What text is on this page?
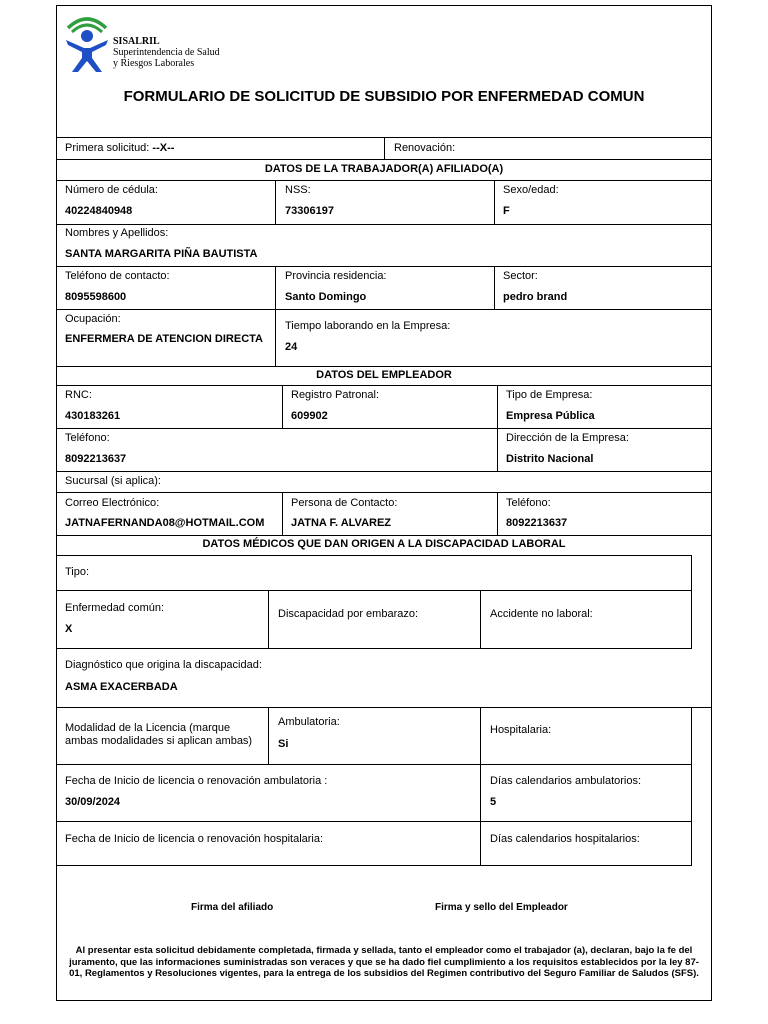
SISALRIL
Superintendencia de Salud
y Riesgos Laborales
FORMULARIO DE SOLICITUD DE SUBSIDIO POR ENFERMEDAD COMUN
Primera solicitud: --X--	Renovación:
DATOS DE LA TRABAJADOR(A) AFILIADO(A)
Número de cédula:
40224840948
NSS:
73306197
Sexo/edad:
F
Nombres y Apellidos:
SANTA MARGARITA PIÑA BAUTISTA
Teléfono de contacto:
8095598600
Provincia residencia:
Santo Domingo
Sector:
pedro brand
Ocupación:
ENFERMERA DE ATENCION DIRECTA
Tiempo laborando en la Empresa:
24
DATOS DEL EMPLEADOR
RNC:
430183261
Registro Patronal:
609902
Tipo de Empresa:
Empresa Pública
Teléfono:
8092213637
Dirección de la Empresa:
Distrito Nacional
Sucursal (si aplica):
Correo Electrónico:
JATNAFERNANDA08@HOTMAIL.COM
Persona de Contacto:
JATNA F. ALVAREZ
Teléfono:
8092213637
DATOS MÉDICOS QUE DAN ORIGEN A LA DISCAPACIDAD LABORAL
Tipo:
Enfermedad común:
X
Discapacidad por embarazo:	Accidente no laboral:
Diagnóstico que origina la discapacidad:
ASMA EXACERBADA
Modalidad de la Licencia (marque ambas modalidades si aplican ambas)
Ambulatoria:
Si
Hospitalaria:
Fecha de Inicio de licencia o renovación ambulatoria :
30/09/2024
Días calendarios ambulatorios:
5
Fecha de Inicio de licencia o renovación hospitalaria:	Días calendarios hospitalarios:
Firma del afiliado	Firma y sello del Empleador
Al presentar esta solicitud debidamente completada, firmada y sellada, tanto el empleador como el trabajador (a), declaran, bajo la fe del juramento, que las informaciones suministradas son veraces y que se ha dado fiel cumplimiento a los requisitos establecidos por la ley 87-01, Reglamentos y Resoluciones vigentes, para la entrega de los subsidios del Regimen contributivo del Seguro Familiar de Saludos (SFS).
